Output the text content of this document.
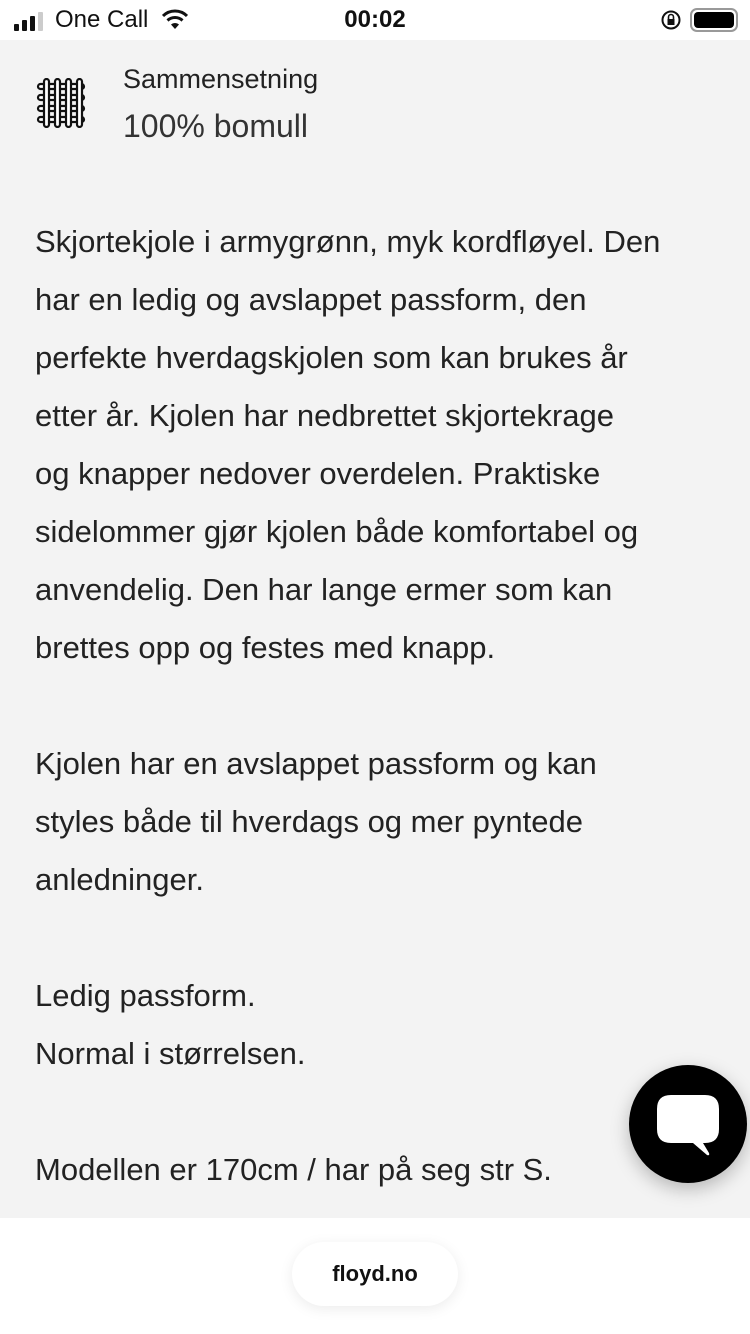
One Call	00:02
Sammensetning
100% bomull
Skjortekjole i armygrønn, myk kordfløyel. Den
har en ledig og avslappet passform, den
perfekte hverdagskjolen som kan brukes år
etter år. Kjolen har nedbrettet skjortekrage
og knapper nedover overdelen. Praktiske
sidelommer gjør kjolen både komfortabel og
anvendelig. Den har lange ermer som kan
brettes opp og festes med knapp.
Kjolen har en avslappet passform og kan
styles både til hverdags og mer pyntede
anledninger.
Ledig passform.
Normal i størrelsen.
Modellen er 170cm / har på seg str S.
floyd.no
